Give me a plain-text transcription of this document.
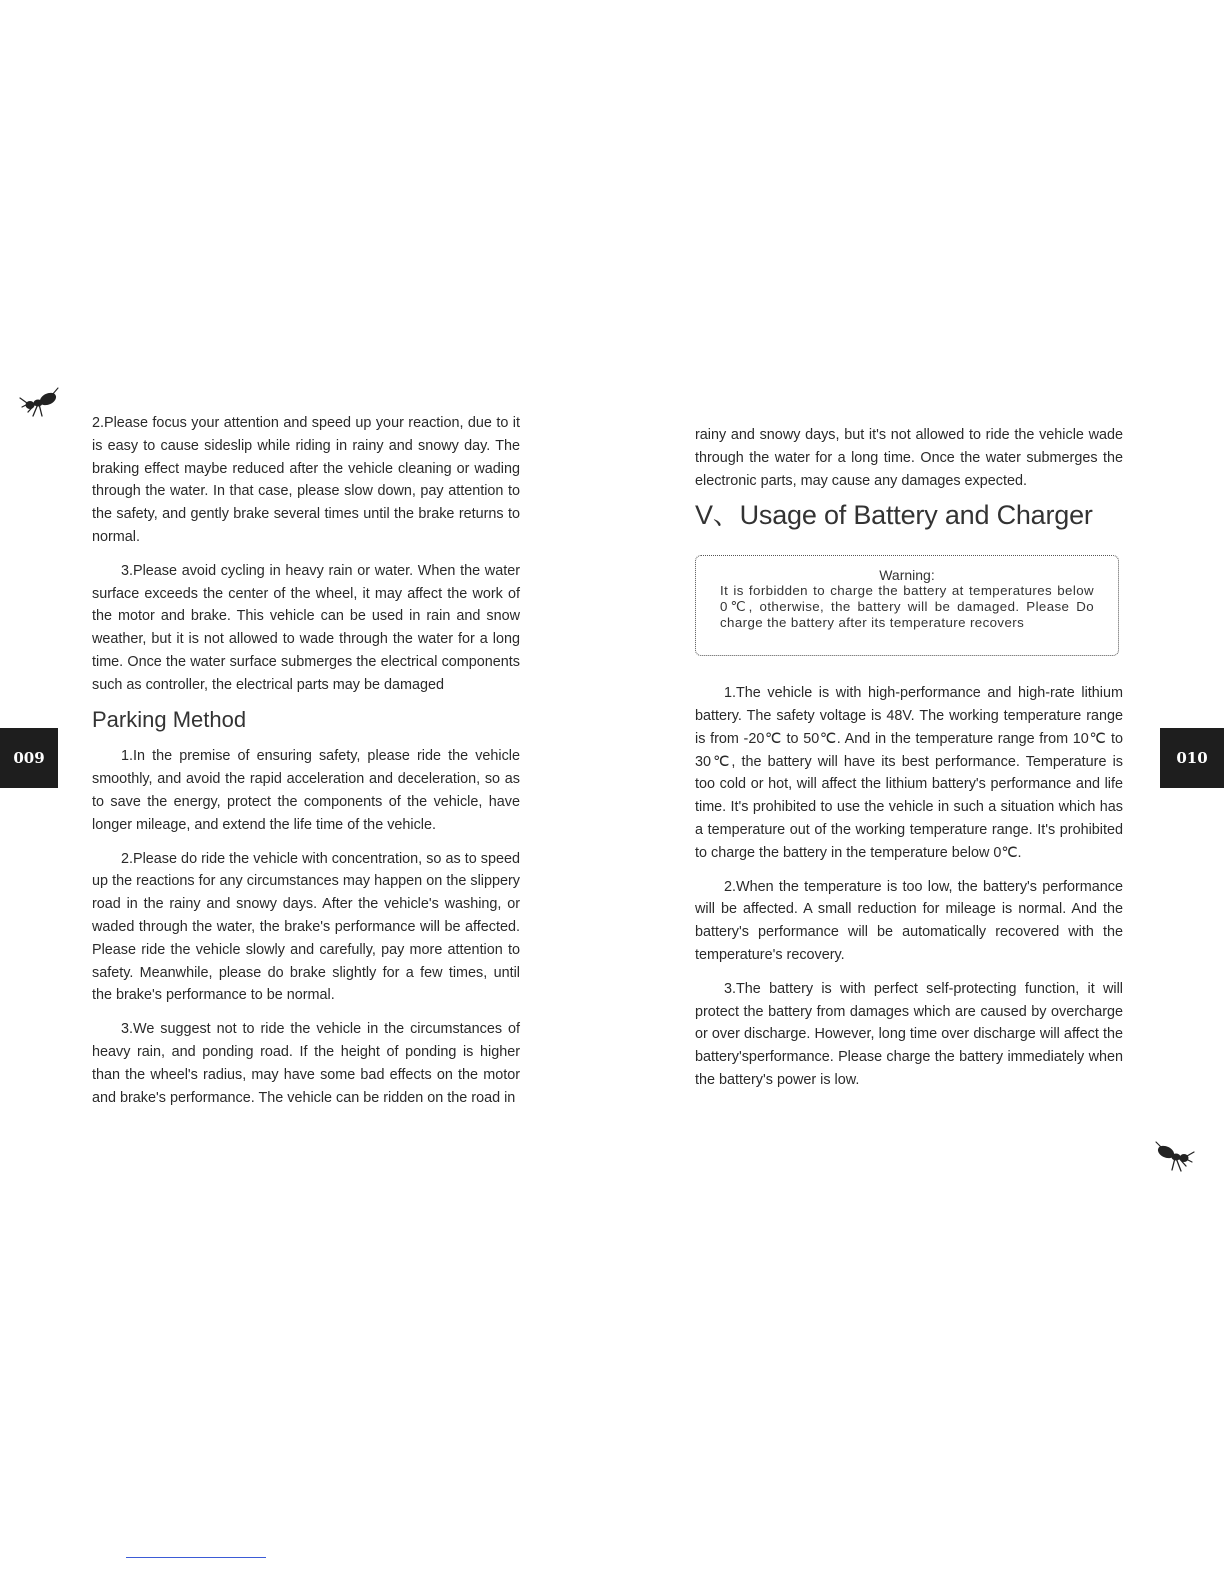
009	010

2.Please focus your attention and speed up your reaction, due to it is easy to cause sideslip while riding in rainy and snowy day. The braking effect maybe reduced after the vehicle cleaning or wading through the water. In that case, please slow down, pay attention to the safety, and gently brake several times until the brake returns to normal.

3.Please avoid cycling in heavy rain or water. When the water surface exceeds the center of the wheel, it may affect the work of the motor and brake. This vehicle can be used in rain and snow weather, but it is not allowed to wade through the water for a long time. Once the water surface submerges the electrical components such as controller, the electrical parts may be damaged

Parking Method

1.In the premise of ensuring safety, please ride the vehicle smoothly, and avoid the rapid acceleration and deceleration, so as to save the energy, protect the components of the vehicle, have longer mileage, and extend the life time of the vehicle.

2.Please do ride the vehicle with concentration, so as to speed up the reactions for any circumstances may happen on the slippery road in the rainy and snowy days. After the vehicle's washing, or waded through the water, the brake's performance will be affected. Please ride the vehicle slowly and carefully, pay more attention to safety. Meanwhile, please do brake slightly for a few times, until the brake's performance to be normal.

3.We suggest not to ride the vehicle in the circumstances of heavy rain, and ponding road. If the height of ponding is higher than the wheel's radius, may have some bad effects on the motor and brake's performance. The vehicle can be ridden on the road in

rainy and snowy days, but it's not allowed to ride the vehicle wade through the water for a long time. Once the water submerges the electronic parts, may cause any damages expected.

V、Usage of Battery and Charger
Warning:
It is forbidden to charge the battery at temperatures below 0℃, otherwise, the battery will be damaged. Please Do charge the battery after its temperature recovers

1.The vehicle is with high-performance and high-rate lithium battery. The safety voltage is 48V. The working temperature range is from -20℃ to 50℃. And in the temperature range from 10℃ to 30℃, the battery will have its best performance. Temperature is too cold or hot, will affect the lithium battery's performance and life time. It's prohibited to use the vehicle in such a situation which has a temperature out of the working temperature range. It's prohibited to charge the battery in the temperature below 0℃.

2.When the temperature is too low, the battery's performance will be affected. A small reduction for mileage is normal. And the battery's performance will be automatically recovered with the temperature's recovery.

3.The battery is with perfect self-protecting function, it will protect the battery from damages which are caused by overcharge or over discharge. However, long time over discharge will affect the battery'sperformance. Please charge the battery immediately when the battery's power is low.
